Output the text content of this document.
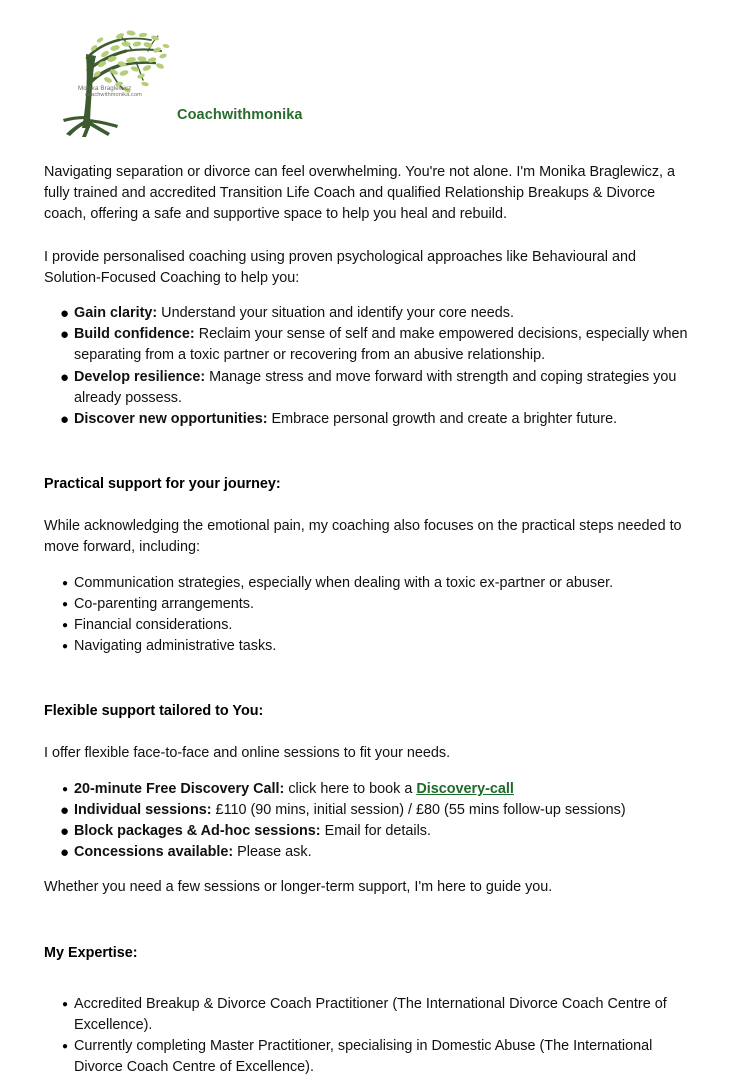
Monika Braglewicz
coachwithmonika.com
Coachwithmonika

Navigating separation or divorce can feel overwhelming. You're not alone. I'm Monika Braglewicz, a fully trained and accredited Transition Life Coach and qualified Relationship Breakups & Divorce coach, offering a safe and supportive space to help you heal and rebuild.

I provide personalised coaching using proven psychological approaches like Behavioural and Solution-Focused Coaching to help you:

● Gain clarity: Understand your situation and identify your core needs.
● Build confidence: Reclaim your sense of self and make empowered decisions, especially when separating from a toxic partner or recovering from an abusive relationship.
● Develop resilience: Manage stress and move forward with strength and coping strategies you already possess.
● Discover new opportunities: Embrace personal growth and create a brighter future.
Practical support for your journey:

While acknowledging the emotional pain, my coaching also focuses on the practical steps needed to move forward, including:

● Communication strategies, especially when dealing with a toxic ex-partner or abuser.
● Co-parenting arrangements.
● Financial considerations.
● Navigating administrative tasks.
Flexible support tailored to You:

I offer flexible face-to-face and online sessions to fit your needs.

● 20-minute Free Discovery Call: click here to book a Discovery-call
● Individual sessions: £110 (90 mins, initial session) / £80 (55 mins follow-up sessions)
● Block packages & Ad-hoc sessions: Email for details.
● Concessions available: Please ask.

Whether you need a few sessions or longer-term support, I'm here to guide you.

My Expertise:
● Accredited Breakup & Divorce Coach Practitioner (The International Divorce Coach Centre of Excellence).
● Currently completing Master Practitioner, specialising in Domestic Abuse (The International Divorce Coach Centre of Excellence).
